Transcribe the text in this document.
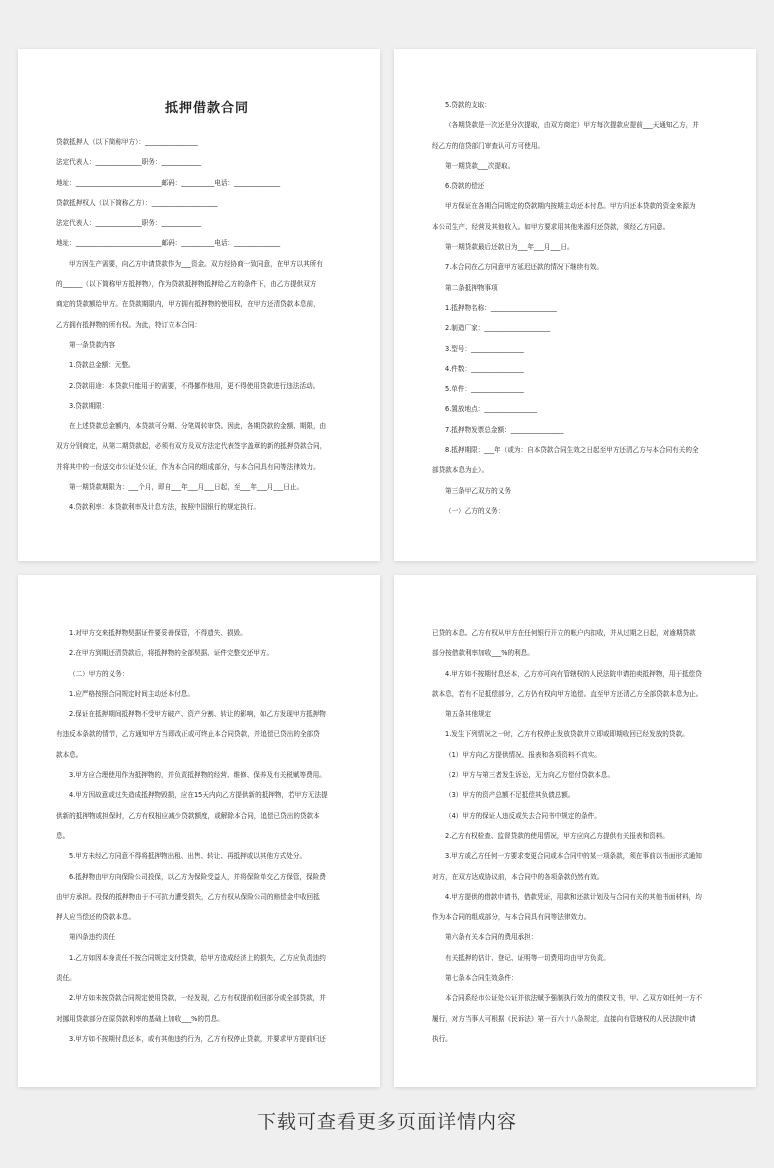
抵押借款合同
贷款抵押人（以下简称甲方）：________________
法定代表人：______________职务：____________
地址：__________________________邮码：__________电话：______________
贷款抵押权人（以下简称乙方）：____________________
法定代表人：______________职务：____________
地址：__________________________邮码：__________电话：______________
甲方因生产需要，向乙方申请贷款作为___资金。双方经协商一致同意，在甲方以其所有
的______（以下简称甲方抵押物），作为贷款抵押物抵押给乙方的条件下，由乙方提供双方
商定的贷款额给甲方。在贷款期限内，甲方拥有抵押物的使用权，在甲方还清贷款本息前，
乙方拥有抵押物的所有权。为此，特订立本合同：
第一条贷款内容
1.贷款总金额：元整。
2.贷款用途：本贷款只能用于的需要，不得挪作他用，更不得使用贷款进行违法活动。
3.贷款期限：
在上述贷款总金额内，本贷款可分期、分笔周转审贷。因此，各期贷款的金额、期限，由
双方分别商定，从第二期贷款起，必须有双方及双方法定代表签字盖章的新的抵押贷款合同，
并将其中的一份送交市公证处公证，作为本合同的组成部分，与本合同具有同等法律效力。
第一期贷款期限为：___个月，即自___年___月___日起，至___年___月___日止。
4.贷款利率：本贷款利率及计息方法，按照中国银行的规定执行。
5.贷款的支取：
（各期贷款是一次还是分次提取，由双方商定）甲方每次提款应提前___天通知乙方，并
经乙方的信贷部门审查认可方可使用。
第一期贷款___次提取。
6.贷款的偿还
甲方保证在各期合同规定的贷款期内按期主动还本付息。甲方归还本贷款的资金来源为
本公司生产、经营及其他收入。如甲方要求用其他来源归还贷款，须经乙方同意。
第一期贷款最后还款日为___年___月___日。
7.本合同在乙方同意甲方延迟还款的情况下继续有效。
第二条抵押物事项
1.抵押物名称：____________________
2.制造厂家：____________________
3.型号：________________
4.件数：________________
5.单件：________________
6.置放地点：________________
7.抵押物发票总金额：________________
8.抵押期限：___年（或为：自本贷款合同生效之日起至甲方还清乙方与本合同有关的全
部贷款本息为止）。
第三条甲乙双方的义务
（一）乙方的义务：
1.对甲方交来抵押物契据证件要妥善保管，不得遗失、损毁。
2.在甲方到期还清贷款后，将抵押物的全部契据、证件完整交还甲方。
（二）甲方的义务：
1.应严格按照合同规定时间主动还本付息。
2.保证在抵押期间抵押物不受甲方破产、资产分割、转让的影响，如乙方发现甲方抵押物
有违反本条款的情节，乙方通知甲方当即改正或可终止本合同贷款，并追偿已贷出的全部贷
款本息。
3.甲方应合理使用作为抵押物的，并负责抵押物的经营、维修、保养及有关税赋等费用。
4.甲方因故意或过失造成抵押物毁损，应在15天内向乙方提供新的抵押物，若甲方无法提
供新的抵押物或担保时，乙方有权相应减少贷款额度，或解除本合同，追偿已贷出的贷款本
息。
5.甲方未经乙方同意不得将抵押物出租、出售、转让、再抵押或以其他方式处分。
6.抵押物由甲方向保险公司投保，以乙方为保险受益人，并将保险单交乙方保管，保险费
由甲方承担。投保的抵押物由于不可抗力遭受损失，乙方有权从保险公司的赔偿金中收回抵
押人应当偿还的贷款本息。
第四条违约责任
1.乙方如因本身责任不按合同规定支付贷款，给甲方造成经济上的损失，乙方应负责违约
责任。
2.甲方如未按贷款合同规定使用贷款，一经发现，乙方有权提前收回部分或全部贷款，并
对挪用贷款部分在原贷款利率的基础上加收___%的罚息。
3.甲方如不按期付息还本，或有其他违约行为，乙方有权停止贷款，并要求甲方提前归还
已贷的本息。乙方有权从甲方在任何银行开立的帐户内扣收，并从过期之日起，对逾期贷款
部分按借款利率加收___%的利息。
4.甲方如不按期付息还本，乙方亦可向有管辖权的人民法院申请拍卖抵押物，用于抵偿贷
款本息，若有不足抵偿部分，乙方仍有权向甲方追偿。直至甲方还清乙方全部贷款本息为止。
第五条其他规定
1.发生下列情况之一时，乙方有权停止发放贷款并立即或即期收回已经发放的贷款。
（1）甲方向乙方提供情况、报表和各项资料不真实。
（2）甲方与第三者发生诉讼，无力向乙方偿付贷款本息。
（3）甲方的资产总额不足抵偿其负债总额。
（4）甲方的保证人违反或失去合同书中规定的条件。
2.乙方有权检查、监督贷款的使用情况，甲方应向乙方提供有关报表和资料。
3.甲方或乙方任何一方要求变更合同或本合同中的某一项条款，须在事前以书面形式通知
对方，在双方达成协议前，本合同中的各项条款仍然有效。
4.甲方提供的借款申请书，借款凭证，用款和还款计划及与合同有关的其他书面材料，均
作为本合同的组成部分，与本合同具有同等法律效力。
第六条有关本合同的费用承担：
有关抵押的估计、登记、证明等一切费用均由甲方负责。
第七条本合同生效条件：
本合同系经市公证处公证并依法赋予强制执行效力的债权文书，甲、乙双方如任何一方不
履行，对方当事人可根据《民诉法》第一百六十八条规定，直接向有管辖权的人民法院申请
执行。
下载可查看更多页面详情内容
